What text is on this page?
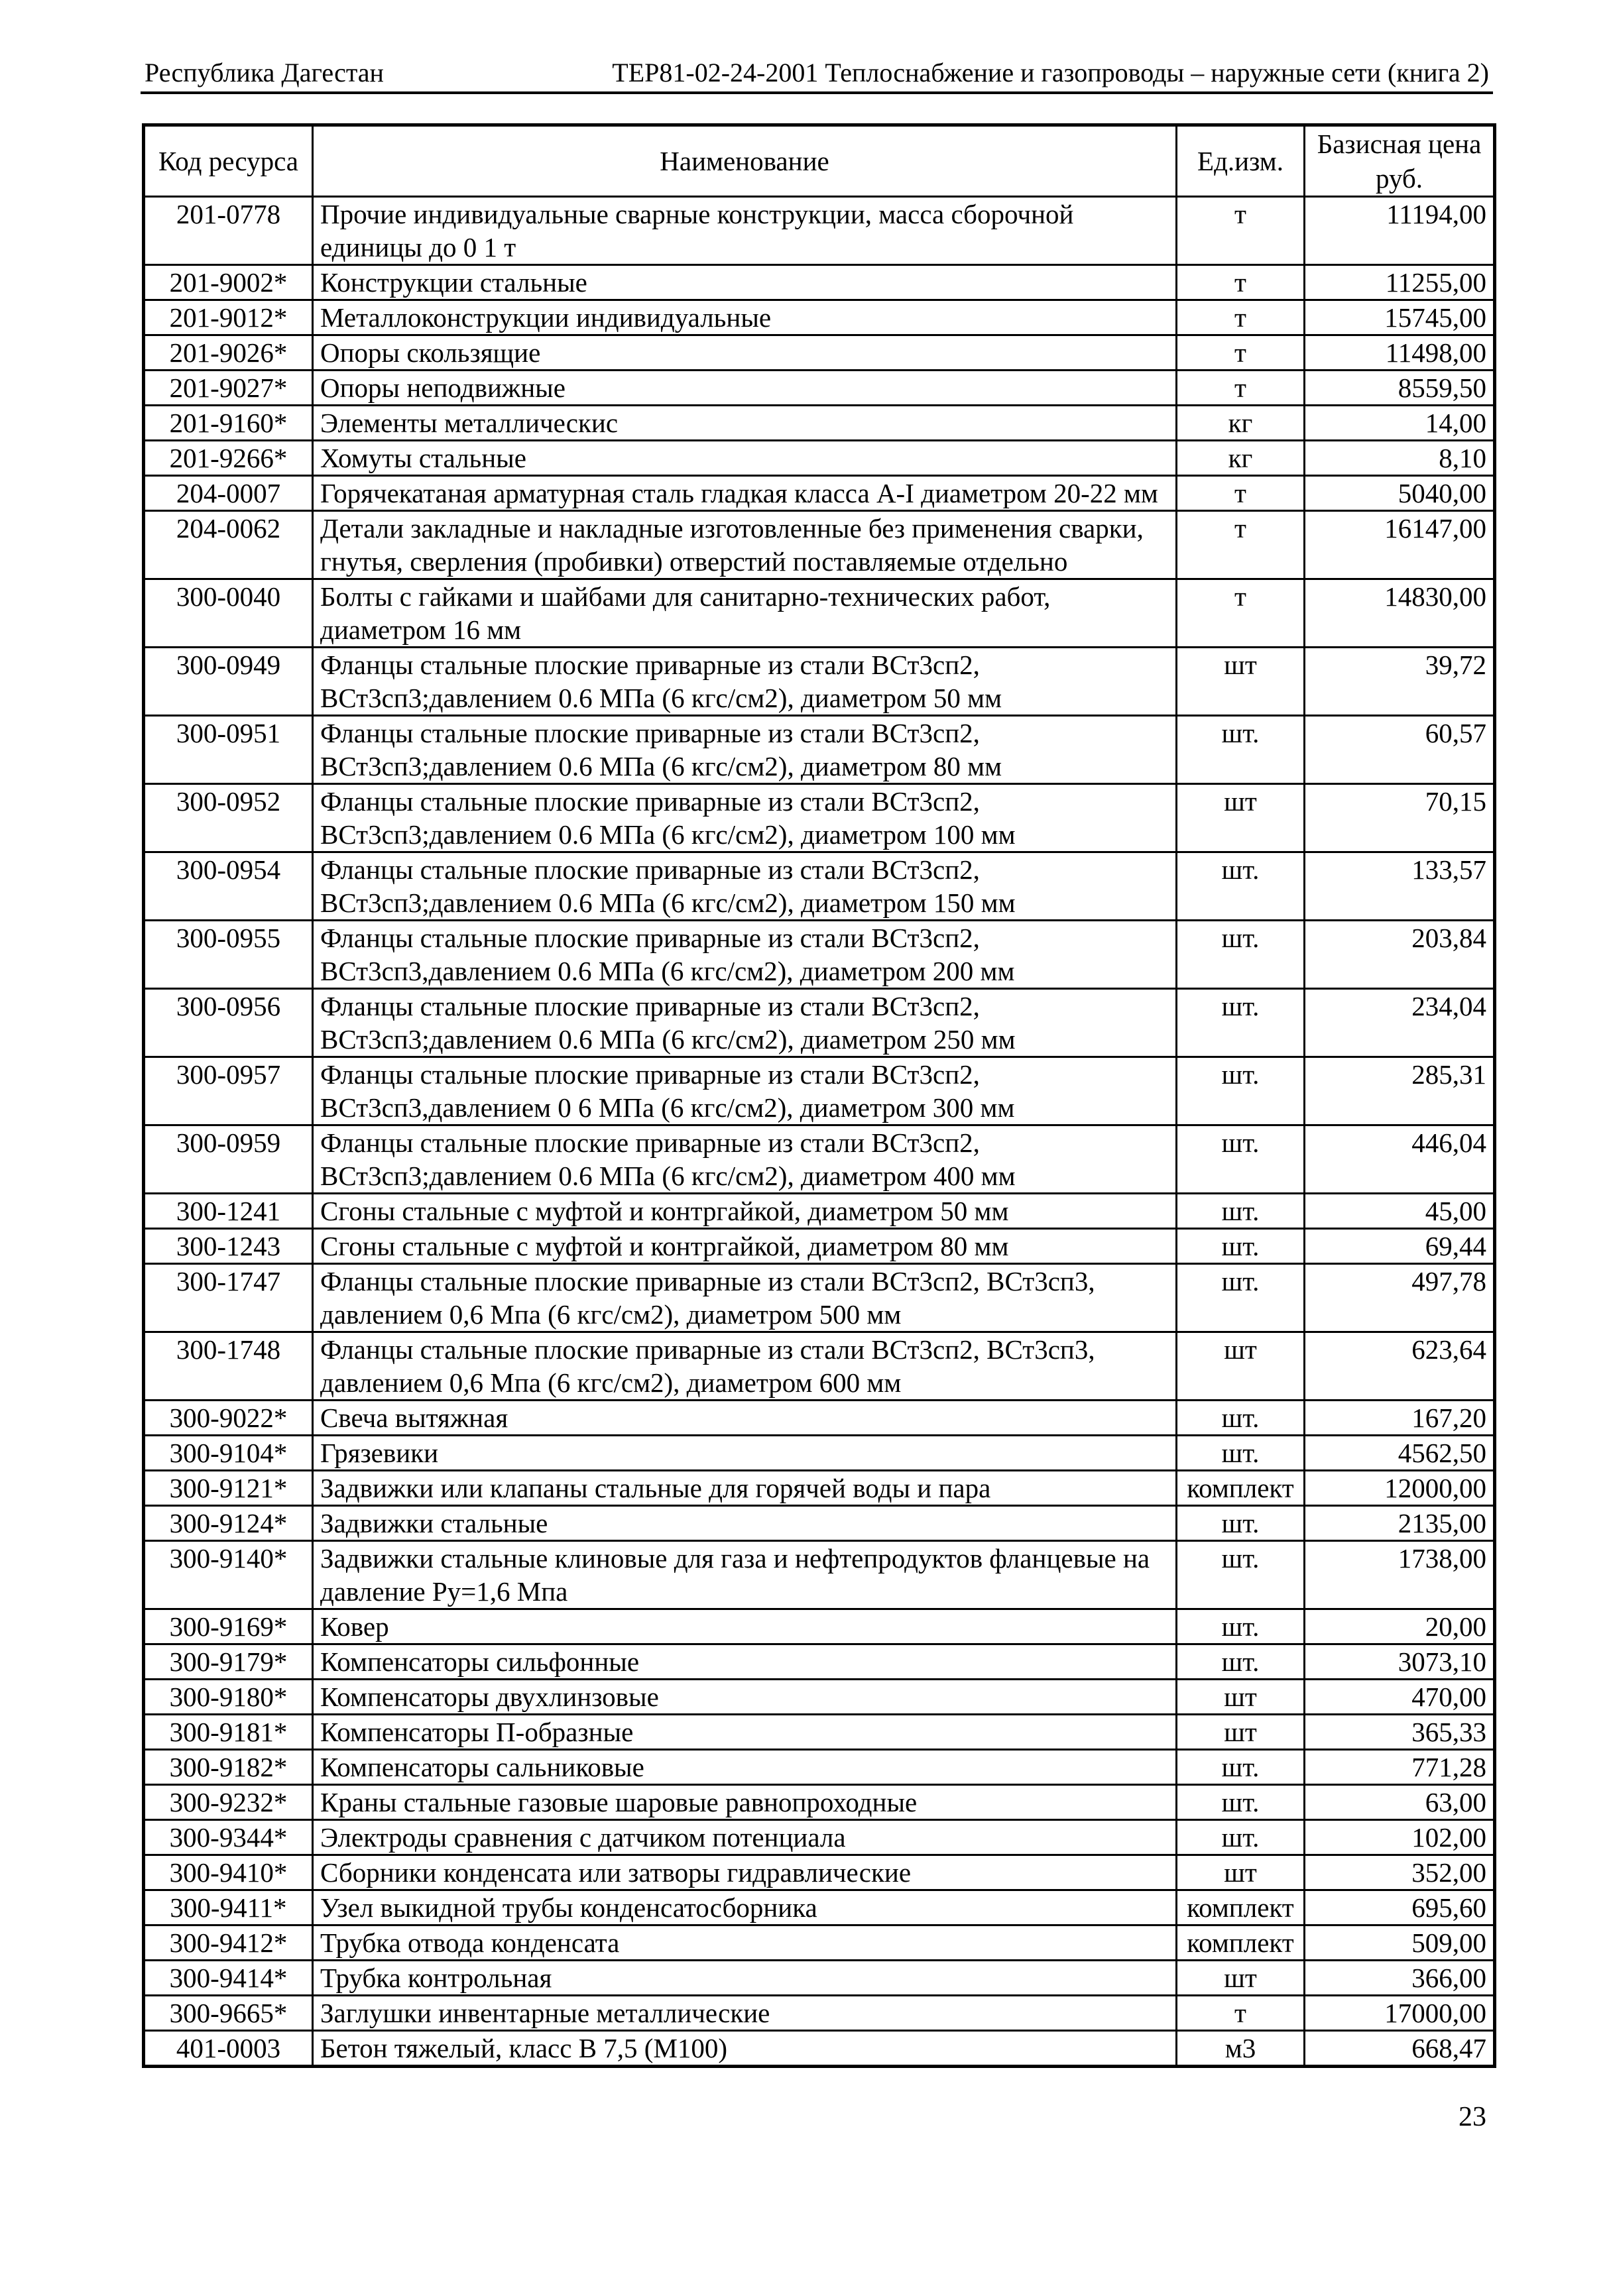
Республика Дагестан	ТЕР81-02-24-2001 Теплоснабжение и газопроводы – наружные сети (книга 2)
Код ресурса	Наименование	Ед.изм.	Базисная цена руб.
201-0778	Прочие индивидуальные сварные конструкции, масса сборочной единицы до 0 1 т	т	11194,00
201-9002*	Конструкции стальные	т	11255,00
201-9012*	Металлоконструкции индивидуальные	т	15745,00
201-9026*	Опоры скользящие	т	11498,00
201-9027*	Опоры неподвижные	т	8559,50
201-9160*	Элементы металлическиc	кг	14,00
201-9266*	Хомуты стальные	кг	8,10
204-0007	Горячекатаная арматурная сталь гладкая класса А-I диаметром 20-22 мм	т	5040,00
204-0062	Детали закладные и накладные изготовленные без применения сварки, гнутья, сверления (пробивки) отверстий поставляемые отдельно	т	16147,00
300-0040	Болты с гайками и шайбами для санитарно-технических работ, диаметром 16 мм	т	14830,00
300-0949	Фланцы стальные плоские приварные из стали ВСт3сп2, ВСт3сп3;давлением 0.6 МПа (6 кгс/см2), диаметром 50 мм	шт	39,72
300-0951	Фланцы стальные плоские приварные из стали ВСт3сп2, ВСт3сп3;давлением 0.6 МПа (6 кгс/см2), диаметром 80 мм	шт.	60,57
300-0952	Фланцы стальные плоские приварные из стали ВСт3сп2, ВСт3сп3;давлением 0.6 МПа (6 кгс/см2), диаметром 100 мм	шт	70,15
300-0954	Фланцы стальные плоские приварные из стали ВСт3сп2, ВСт3сп3;давлением 0.6 МПа (6 кгс/см2), диаметром 150 мм	шт.	133,57
300-0955	Фланцы стальные плоские приварные из стали ВСт3сп2, ВСт3сп3,давлением 0.6 МПа (6 кгс/см2), диаметром 200 мм	шт.	203,84
300-0956	Фланцы стальные плоские приварные из стали ВСт3сп2, ВСт3сп3;давлением 0.6 МПа (6 кгс/см2), диаметром 250 мм	шт.	234,04
300-0957	Фланцы стальные плоские приварные из стали ВСт3сп2, ВСт3сп3,давлением 0 6 МПа (6 кгс/см2), диаметром 300 мм	шт.	285,31
300-0959	Фланцы стальные плоские приварные из стали ВСт3сп2, ВСт3сп3;давлением 0.6 МПа (6 кгс/см2), диаметром 400 мм	шт.	446,04
300-1241	Сгоны стальные с муфтой и контргайкой, диаметром 50 мм	шт.	45,00
300-1243	Сгоны стальные с муфтой и контргайкой, диаметром 80 мм	шт.	69,44
300-1747	Фланцы стальные плоские приварные из стали ВСт3сп2, ВСт3сп3, давлением 0,6 Мпа (6 кгс/см2), диаметром 500 мм	шт.	497,78
300-1748	Фланцы стальные плоские приварные из стали ВСт3сп2, ВСт3сп3, давлением 0,6 Мпа (6 кгс/см2), диаметром 600 мм	шт	623,64
300-9022*	Свеча вытяжная	шт.	167,20
300-9104*	Грязевики	шт.	4562,50
300-9121*	Задвижки или клапаны стальные для горячей воды и пара	комплект	12000,00
300-9124*	Задвижки стальные	шт.	2135,00
300-9140*	Задвижки стальные клиновые для газа и нефтепродуктов фланцевые на давление Ру=1,6 Мпа	шт.	1738,00
300-9169*	Ковер	шт.	20,00
300-9179*	Компенсаторы сильфонные	шт.	3073,10
300-9180*	Компенсаторы двухлинзовые	шт	470,00
300-9181*	Компенсаторы П-образные	шт	365,33
300-9182*	Компенсаторы сальниковые	шт.	771,28
300-9232*	Краны стальные газовые шаровые равнопроходные	шт.	63,00
300-9344*	Электроды сравнения с датчиком потенциала	шт.	102,00
300-9410*	Сборники конденсата или затворы гидравлические	шт	352,00
300-9411*	Узел выкидной трубы конденсатосборника	комплект	695,60
300-9412*	Трубка отвода конденсата	комплект	509,00
300-9414*	Трубка контрольная	шт	366,00
300-9665*	Заглушки инвентарные металлические	т	17000,00
401-0003	Бетон тяжелый, класс В 7,5 (М100)	м3	668,47
23
